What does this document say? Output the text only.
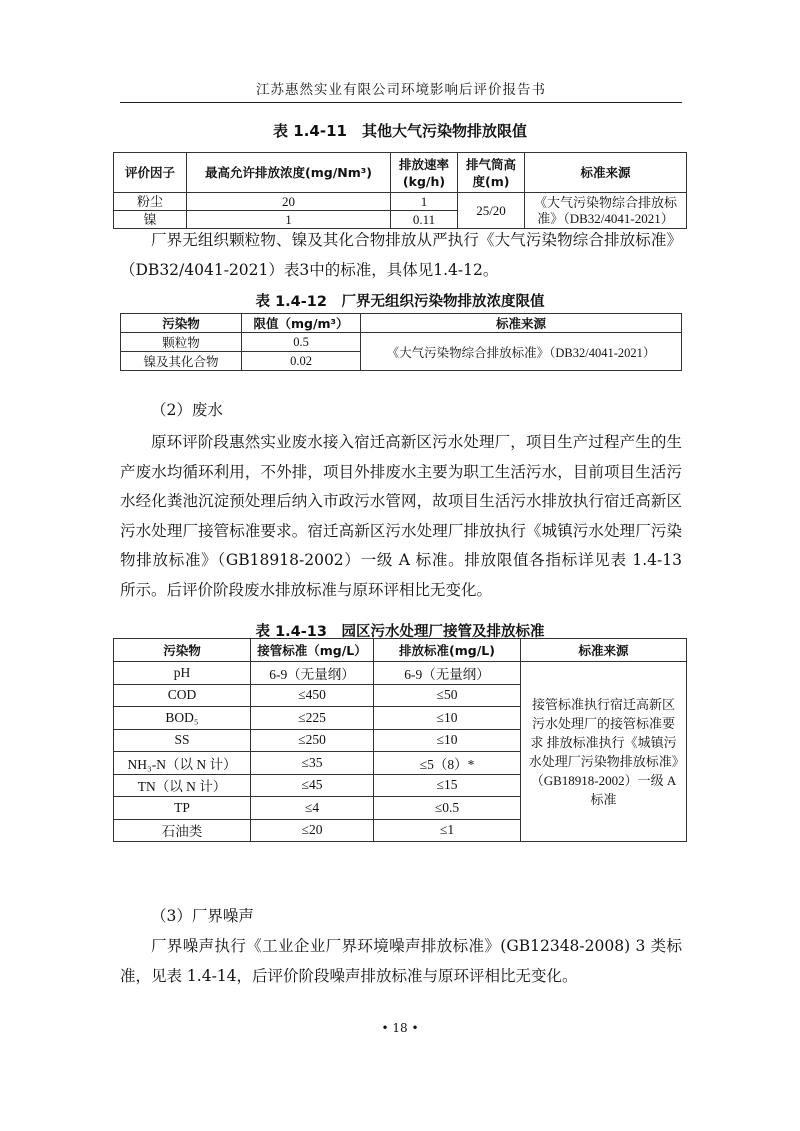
江苏惠然实业有限公司环境影响后评价报告书
表 1.4-11　其他大气污染物排放限值
评价因子	最高允许排放浓度(mg/Nm³)	排放速率(kg/h)	排气筒高度(m)	标准来源
粉尘	20	1	25/20	《大气污染物综合排放标准》（DB32/4041-2021）
镍	1	0.11		
厂界无组织颗粒物、镍及其化合物排放从严执行《大气污染物综合排放标准》（DB32/4041-2021）表3中的标准，具体见1.4-12。
表 1.4-12　厂界无组织污染物排放浓度限值
污染物	限值（mg/m³）	标准来源
颗粒物	0.5	《大气污染物综合排放标准》（DB32/4041-2021）
镍及其化合物	0.02	
（2）废水
原环评阶段惠然实业废水接入宿迁高新区污水处理厂，项目生产过程产生的生产废水均循环利用，不外排，项目外排废水主要为职工生活污水，目前项目生活污水经化粪池沉淀预处理后纳入市政污水管网，故项目生活污水排放执行宿迁高新区污水处理厂接管标准要求。宿迁高新区污水处理厂排放执行《城镇污水处理厂污染物排放标准》（GB18918-2002）一级 A 标准。排放限值各指标详见表 1.4-13 所示。后评价阶段废水排放标准与原环评相比无变化。
表 1.4-13　园区污水处理厂接管及排放标准
污染物	接管标准（mg/L）	排放标准(mg/L)	标准来源
pH	6-9（无量纲）	6-9（无量纲）	接管标准执行宿迁高新区污水处理厂的接管标准要求 排放标准执行《城镇污水处理厂污染物排放标准》（GB18918-2002）一级 A 标准
COD	≤450	≤50	
BOD₅	≤225	≤10	
SS	≤250	≤10	
NH₃-N（以 N 计）	≤35	≤5（8）*	
TN（以 N 计）	≤45	≤15	
TP	≤4	≤0.5	
石油类	≤20	≤1	
（3）厂界噪声
厂界噪声执行《工业企业厂界环境噪声排放标准》(GB12348-2008) 3 类标准，见表 1.4-14，后评价阶段噪声排放标准与原环评相比无变化。
• 18 •
